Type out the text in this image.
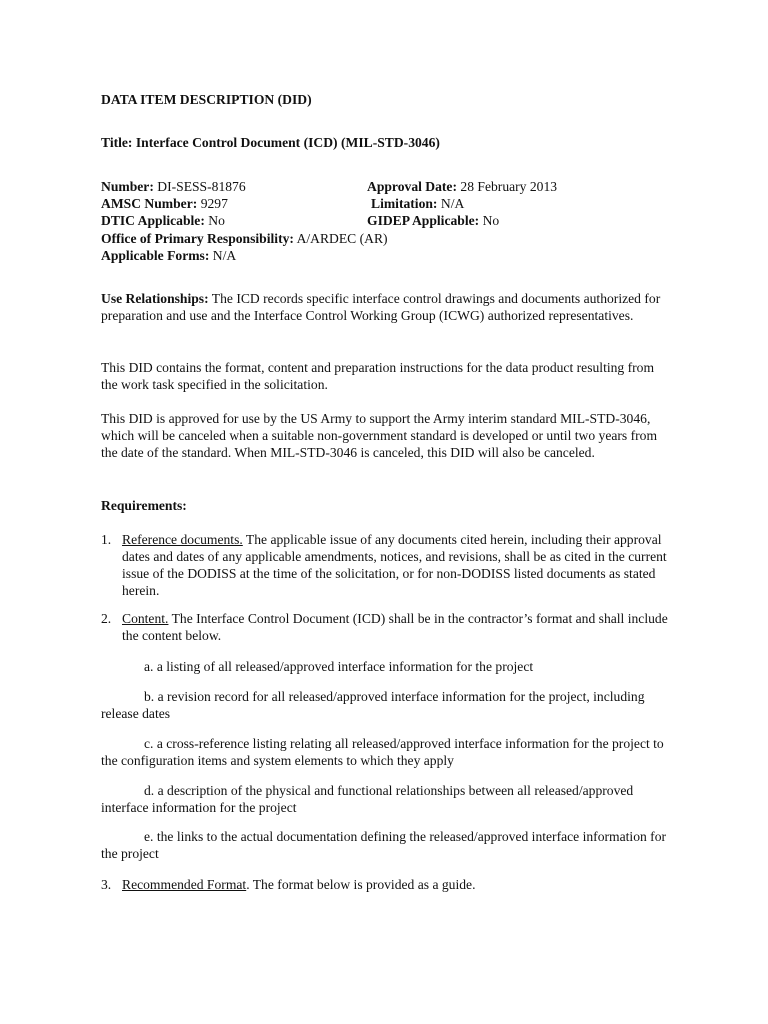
DATA ITEM DESCRIPTION (DID)
Title: Interface Control Document (ICD) (MIL-STD-3046)
Number: DI-SESS-81876	Approval Date: 28 February 2013
AMSC Number: 9297	Limitation: N/A
DTIC Applicable: No	GIDEP Applicable: No
Office of Primary Responsibility: A/ARDEC (AR)
Applicable Forms: N/A
Use Relationships: The ICD records specific interface control drawings and documents authorized for preparation and use and the Interface Control Working Group (ICWG) authorized representatives.
This DID contains the format, content and preparation instructions for the data product resulting from the work task specified in the solicitation.
This DID is approved for use by the US Army to support the Army interim standard MIL-STD-3046, which will be canceled when a suitable non-government standard is developed or until two years from the date of the standard. When MIL-STD-3046 is canceled, this DID will also be canceled.
Requirements:
1. Reference documents. The applicable issue of any documents cited herein, including their approval dates and dates of any applicable amendments, notices, and revisions, shall be as cited in the current issue of the DODISS at the time of the solicitation, or for non-DODISS listed documents as stated herein.
2. Content. The Interface Control Document (ICD) shall be in the contractor’s format and shall include the content below.
a. a listing of all released/approved interface information for the project
b. a revision record for all released/approved interface information for the project, including release dates
c. a cross-reference listing relating all released/approved interface information for the project to the configuration items and system elements to which they apply
d. a description of the physical and functional relationships between all released/approved interface information for the project
e. the links to the actual documentation defining the released/approved interface information for the project
3. Recommended Format. The format below is provided as a guide.
